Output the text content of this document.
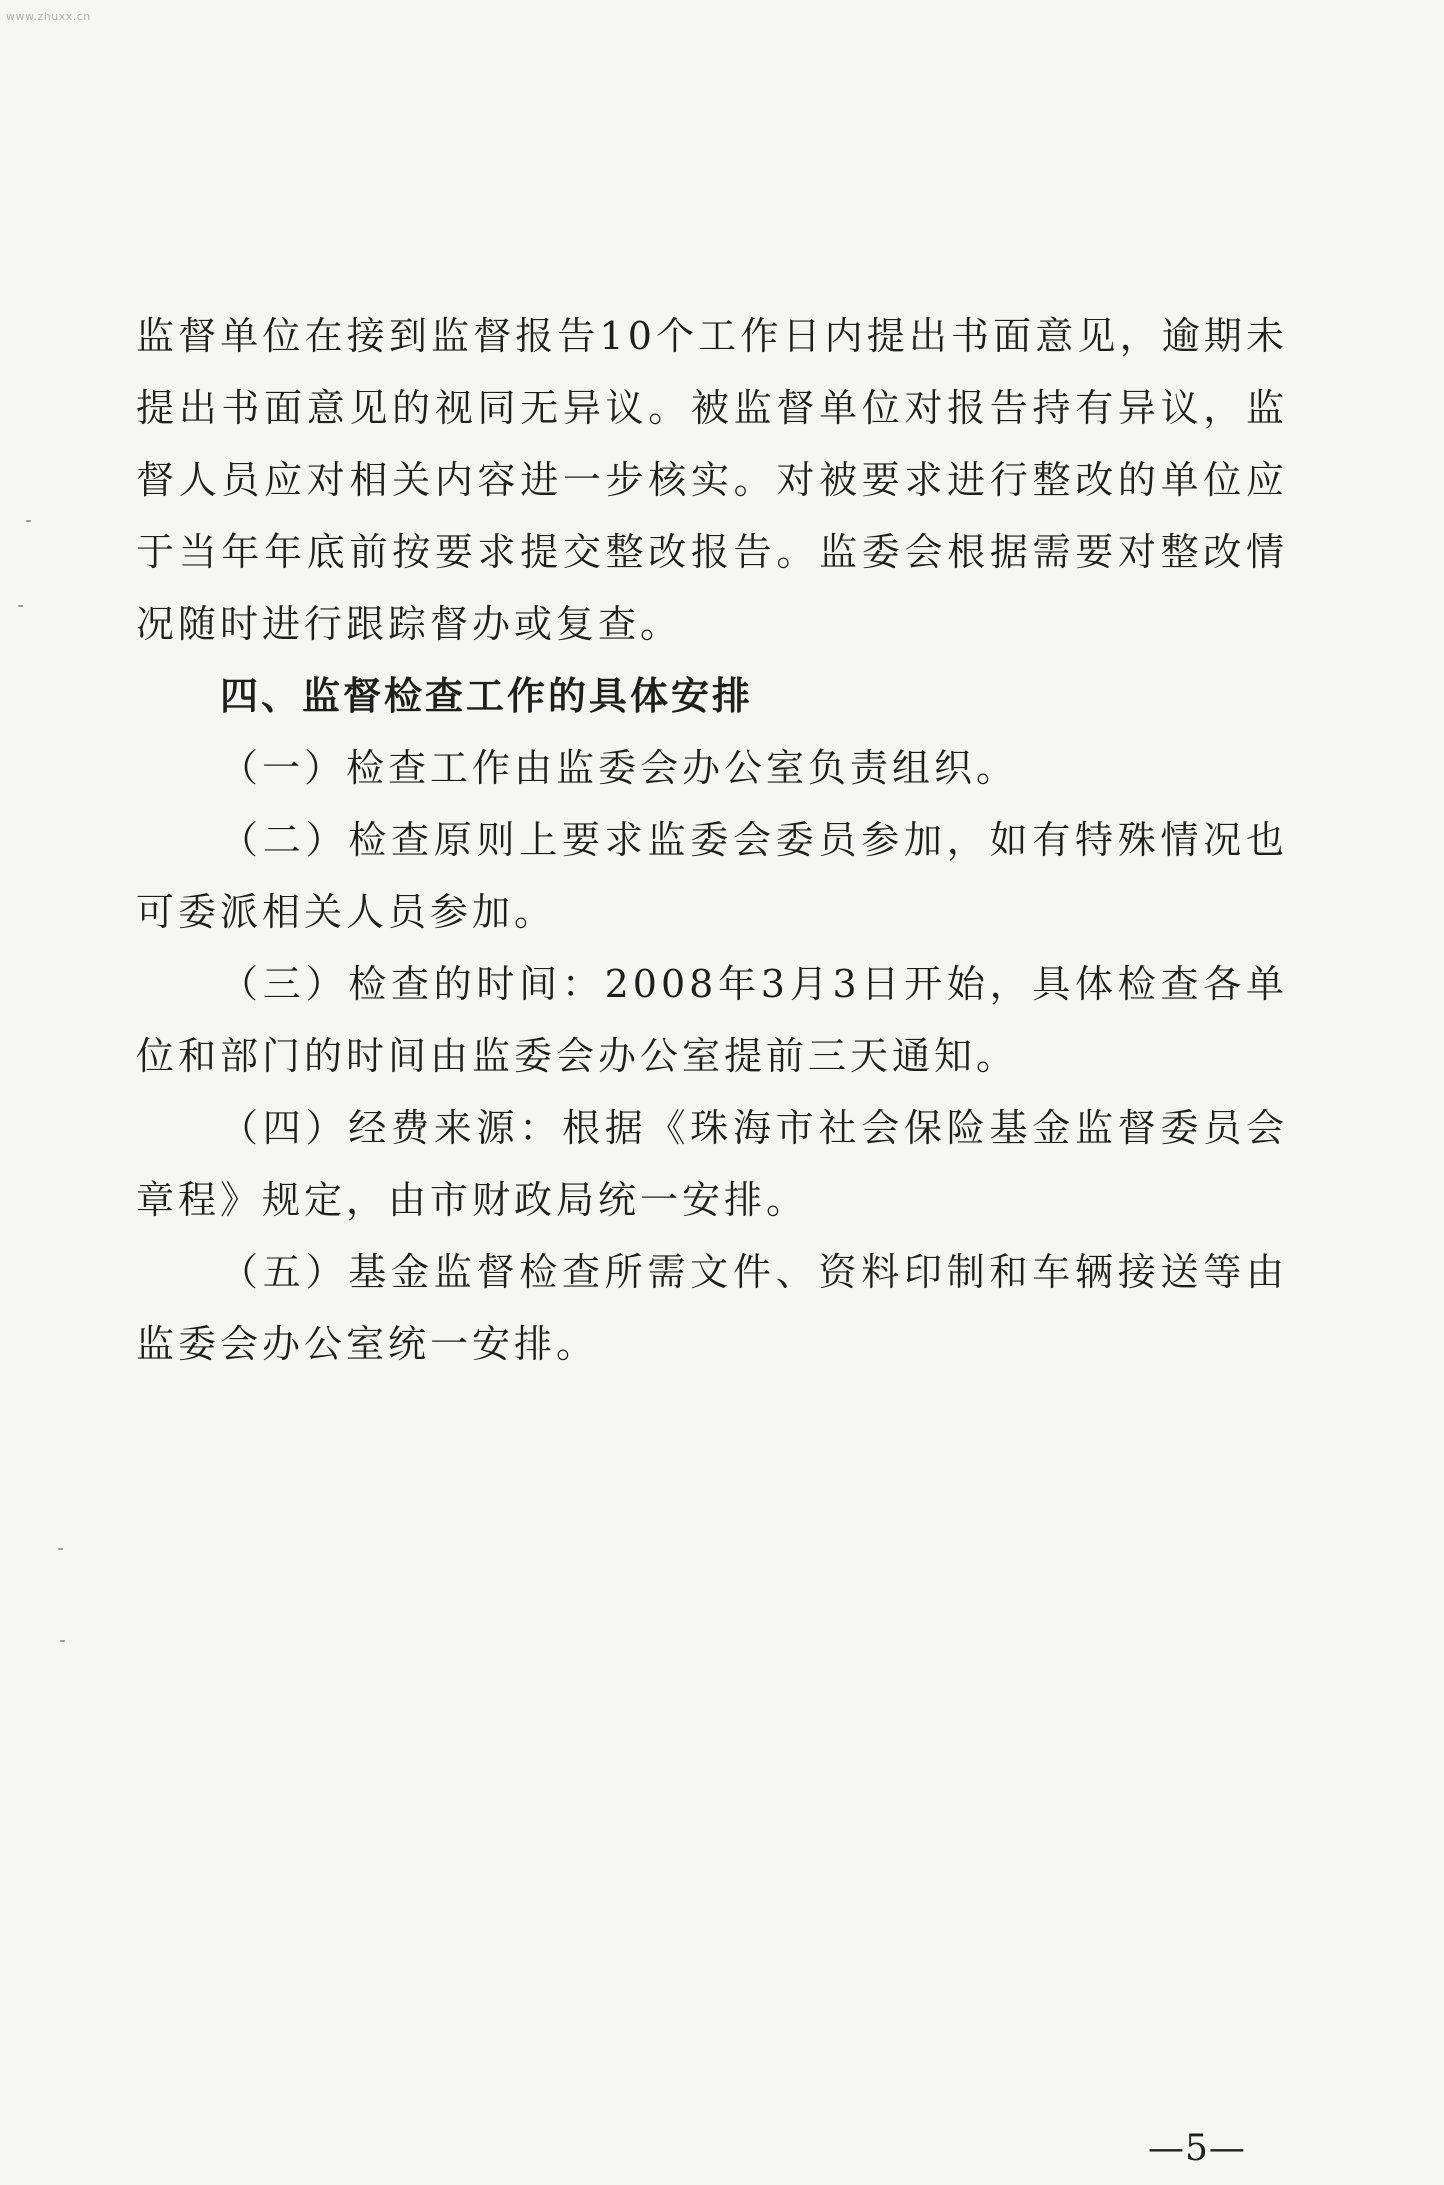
www.zhuxx.cn
监督单位在接到监督报告10个工作日内提出书面意见，逾期未
提出书面意见的视同无异议。被监督单位对报告持有异议，监
督人员应对相关内容进一步核实。对被要求进行整改的单位应
于当年年底前按要求提交整改报告。监委会根据需要对整改情
况随时进行跟踪督办或复查。
四、监督检查工作的具体安排
（一）检查工作由监委会办公室负责组织。
（二）检查原则上要求监委会委员参加，如有特殊情况也
可委派相关人员参加。
（三）检查的时间：2008年3月3日开始，具体检查各单
位和部门的时间由监委会办公室提前三天通知。
（四）经费来源：根据《珠海市社会保险基金监督委员会
章程》规定，由市财政局统一安排。
（五）基金监督检查所需文件、资料印制和车辆接送等由
监委会办公室统一安排。
—5—
